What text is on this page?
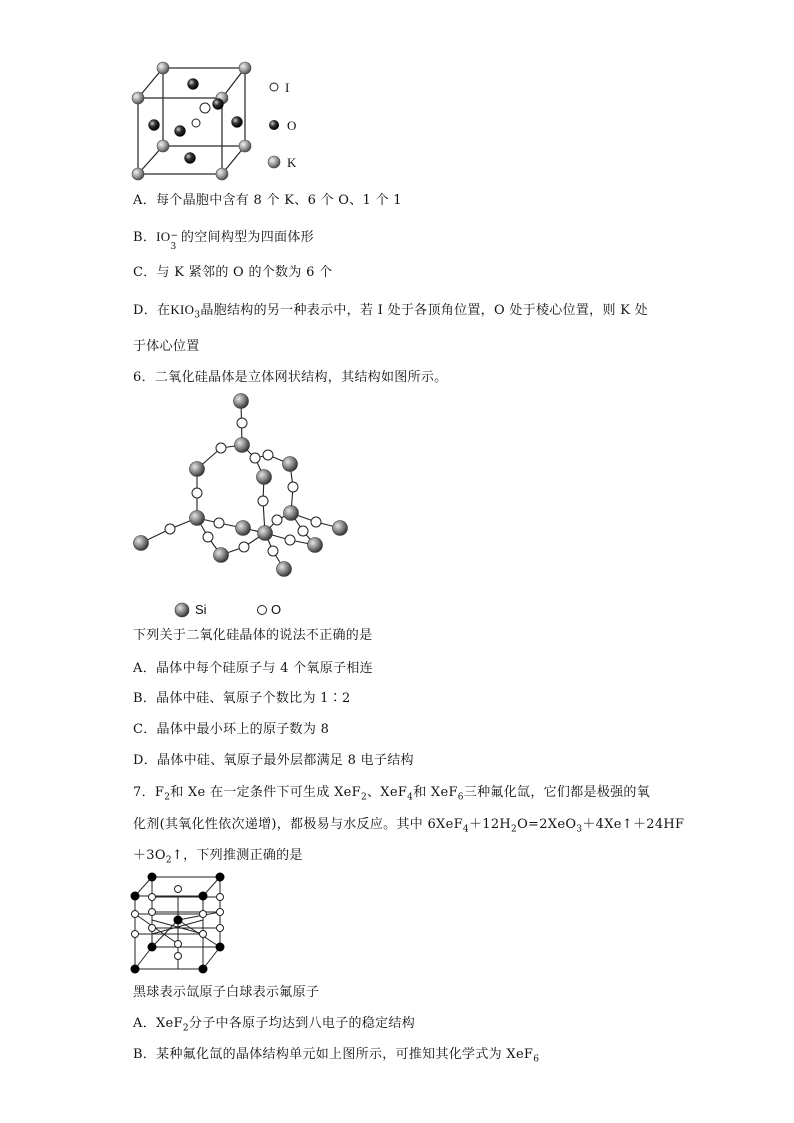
I
O
K
A．每个晶胞中含有 8 个 K、6 个 O、1 个 1
B．IO −
3
的空间构型为四面体形
C．与 K 紧邻的 O 的个数为 6 个
D．在$KIO_3$晶胞结构的另一种表示中，若 I 处于各顶角位置，O 处于棱心位置，则 K 处
于体心位置
6．二氧化硅晶体是立体网状结构，其结构如图所示。
Si	O
下列关于二氧化硅晶体的说法不正确的是
A．晶体中每个硅原子与 4 个氧原子相连
B．晶体中硅、氧原子个数比为 1∶2
C．晶体中最小环上的原子数为 8
D．晶体中硅、氧原子最外层都满足 8 电子结构
7．$F_2$和 Xe 在一定条件下可生成 XeF$_2$、XeF$_4$和 XeF$_6$三种氟化氙，它们都是极强的氧
化剂(其氧化性依次递增)，都极易与水反应。其中 $6XeF_4+12H_2O=2XeO_3+4Xe↑+24HF$
$+3O_2↑$，下列推测正确的是
黑球表示氙原子白球表示氟原子
A．XeF$_2$分子中各原子均达到八电子的稳定结构
B．某种氟化氙的晶体结构单元如上图所示，可推知其化学式为 XeF$_6$
